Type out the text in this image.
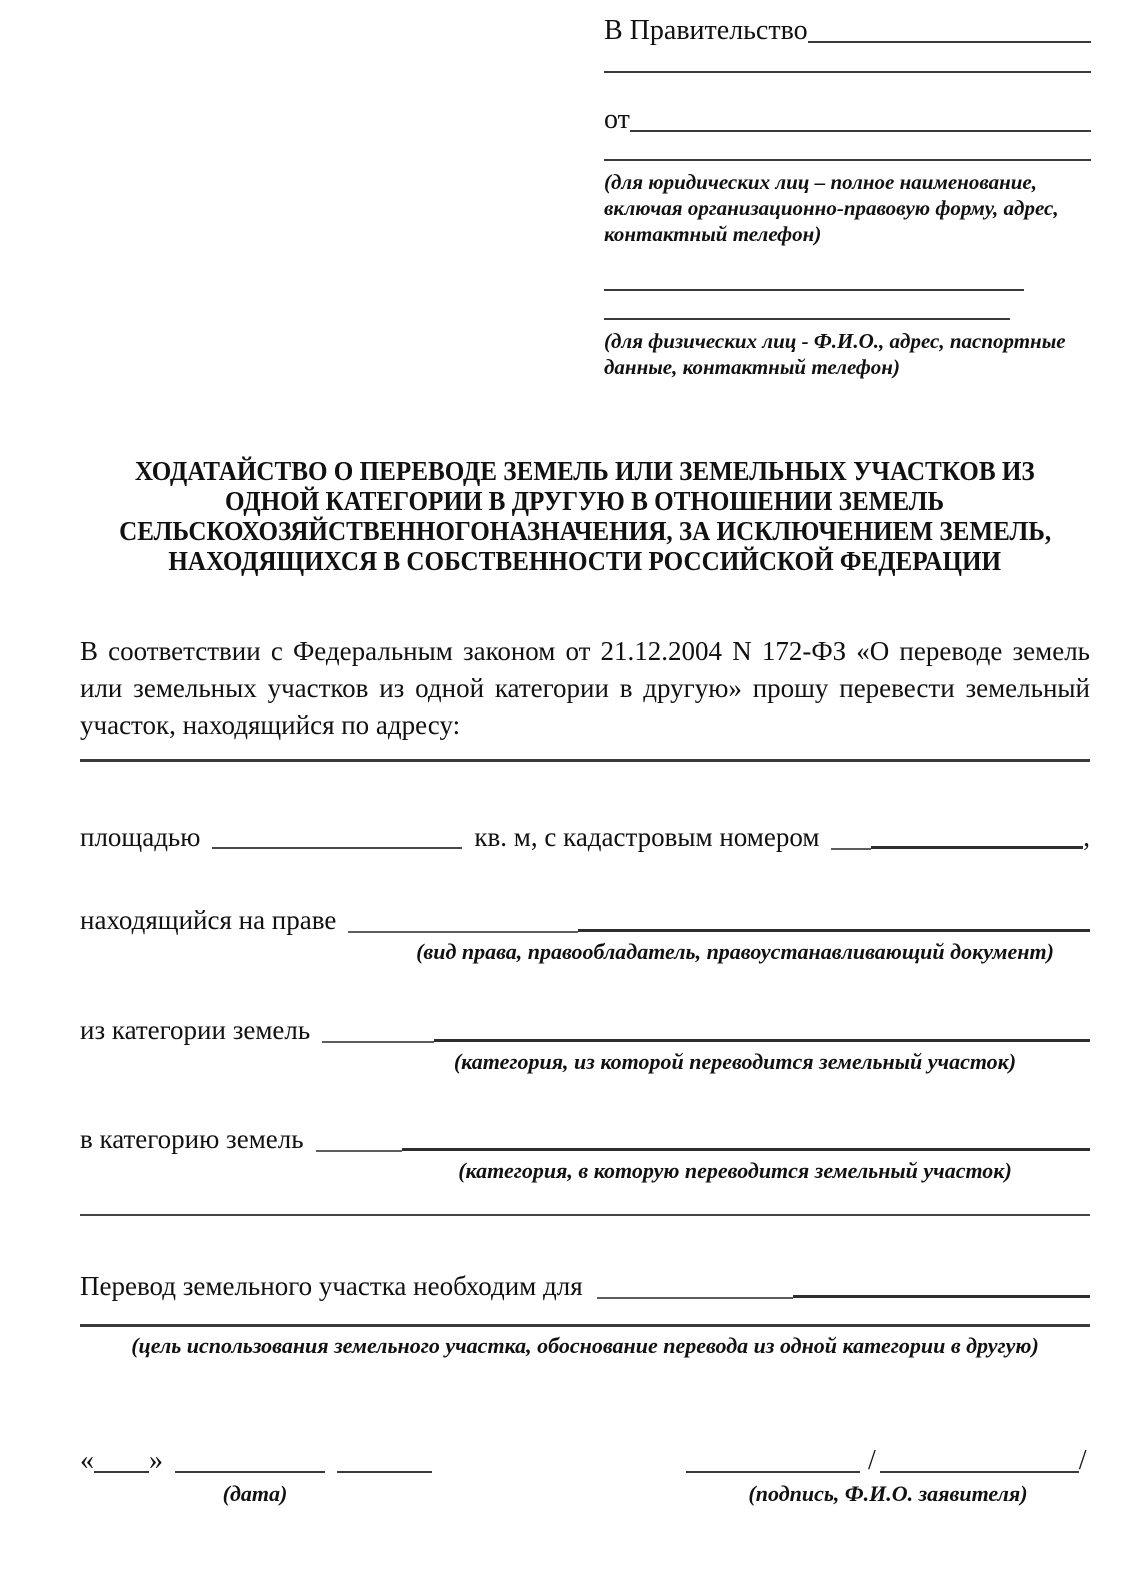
В Правительство
от
(для юридических лиц – полное наименование, включая организационно-правовую форму, адрес, контактный телефон)
(для физических лиц - Ф.И.О., адрес, паспортные данные, контактный телефон)
ХОДАТАЙСТВО О ПЕРЕВОДЕ ЗЕМЕЛЬ ИЛИ ЗЕМЕЛЬНЫХ УЧАСТКОВ ИЗ
ОДНОЙ КАТЕГОРИИ В ДРУГУЮ В ОТНОШЕНИИ ЗЕМЕЛЬ
СЕЛЬСКОХОЗЯЙСТВЕННОГОНАЗНАЧЕНИЯ, ЗА ИСКЛЮЧЕНИЕМ ЗЕМЕЛЬ,
НАХОДЯЩИХСЯ В СОБСТВЕННОСТИ РОССИЙСКОЙ ФЕДЕРАЦИИ

В соответствии с Федеральным законом от 21.12.2004 N 172-ФЗ «О переводе земель или земельных участков из одной категории в другую» прошу перевести земельный участок, находящийся по адресу:

площадью	кв. м, с кадастровым номером	,
находящийся на праве
(вид права, правообладатель, правоустанавливающий документ)
из категории земель
(категория, из которой переводится земельный участок)
в категорию земель
(категория, в которую переводится земельный участок)
Перевод земельного участка необходим для
(цель использования земельного участка, обоснование перевода из одной категории в другую)
« »
(дата)
/	/
(подпись, Ф.И.О. заявителя)
